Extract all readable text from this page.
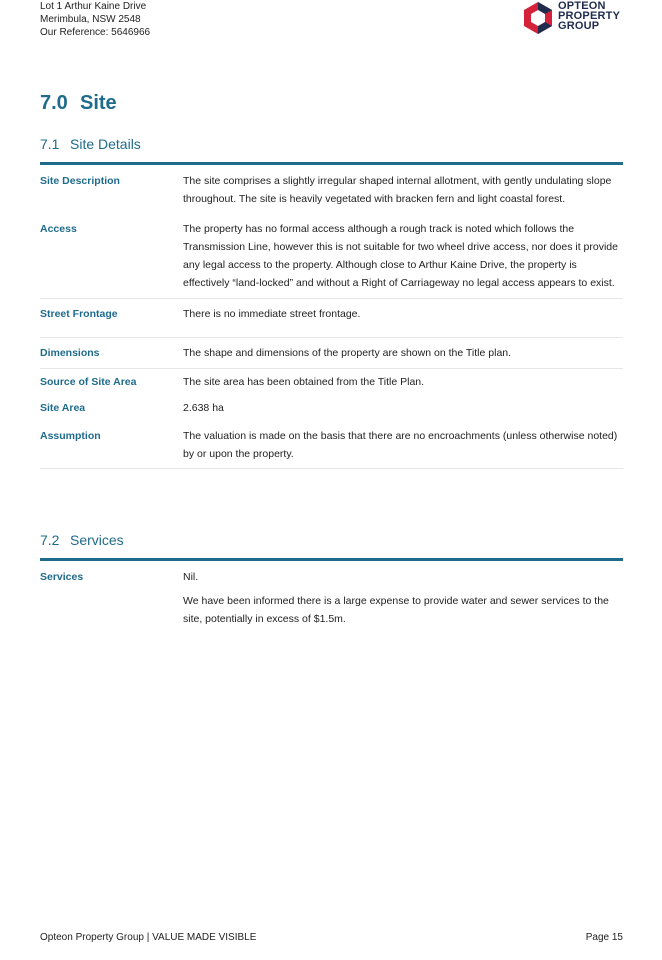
Lot 1 Arthur Kaine Drive
Merimbula, NSW 2548
Our Reference: 5646966
OPTEON
PROPERTY
GROUP
7.0 Site
7.1 Site Details
Site Description	The site comprises a slightly irregular shaped internal allotment, with gently undulating slope throughout. The site is heavily vegetated with bracken fern and light coastal forest.
Access	The property has no formal access although a rough track is noted which follows the Transmission Line, however this is not suitable for two wheel drive access, nor does it provide any legal access to the property. Although close to Arthur Kaine Drive, the property is effectively “land-locked” and without a Right of Carriageway no legal access appears to exist.
Street Frontage	There is no immediate street frontage.
Dimensions	The shape and dimensions of the property are shown on the Title plan.
Source of Site Area	The site area has been obtained from the Title Plan.
Site Area	2.638 ha
Assumption	The valuation is made on the basis that there are no encroachments (unless otherwise noted) by or upon the property.
7.2 Services
Services	Nil.

We have been informed there is a large expense to provide water and sewer services to the site, potentially in excess of $1.5m.

Opteon Property Group | VALUE MADE VISIBLE	Page 15
